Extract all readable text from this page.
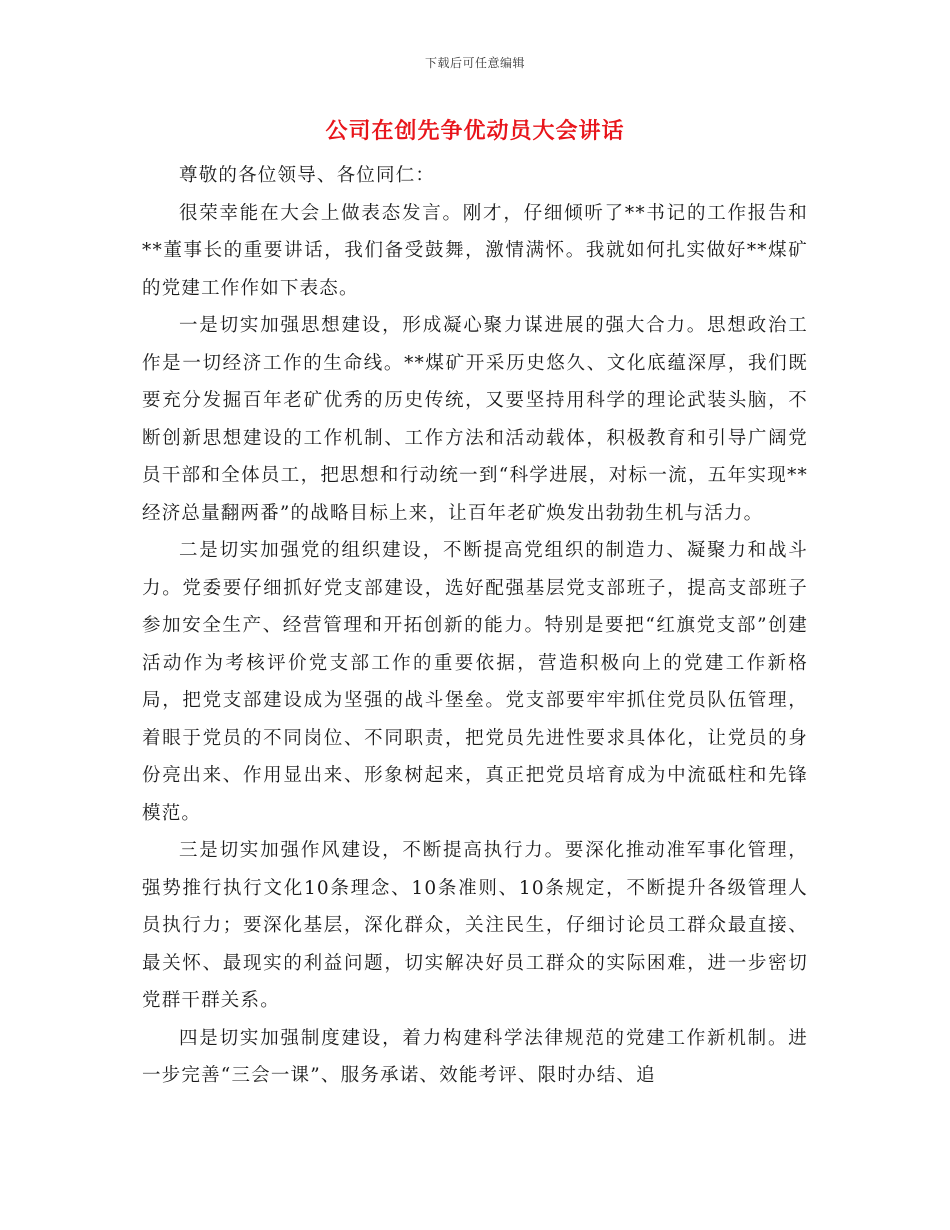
下载后可任意编辑
公司在创先争优动员大会讲话

尊敬的各位领导、各位同仁：

很荣幸能在大会上做表态发言。刚才，仔细倾听了**书记的工作报告和**董事长的重要讲话，我们备受鼓舞，激情满怀。我就如何扎实做好**煤矿的党建工作作如下表态。

一是切实加强思想建设，形成凝心聚力谋进展的强大合力。思想政治工作是一切经济工作的生命线。**煤矿开采历史悠久、文化底蕴深厚，我们既要充分发掘百年老矿优秀的历史传统，又要坚持用科学的理论武装头脑，不断创新思想建设的工作机制、工作方法和活动载体，积极教育和引导广阔党员干部和全体员工，把思想和行动统一到“科学进展，对标一流，五年实现**经济总量翻两番”的战略目标上来，让百年老矿焕发出勃勃生机与活力。

二是切实加强党的组织建设，不断提高党组织的制造力、凝聚力和战斗力。党委要仔细抓好党支部建设，选好配强基层党支部班子，提高支部班子参加安全生产、经营管理和开拓创新的能力。特别是要把“红旗党支部”创建活动作为考核评价党支部工作的重要依据，营造积极向上的党建工作新格局，把党支部建设成为坚强的战斗堡垒。党支部要牢牢抓住党员队伍管理，着眼于党员的不同岗位、不同职责，把党员先进性要求具体化，让党员的身份亮出来、作用显出来、形象树起来，真正把党员培育成为中流砥柱和先锋模范。

三是切实加强作风建设，不断提高执行力。要深化推动准军事化管理，强势推行执行文化10条理念、10条准则、10条规定，不断提升各级管理人员执行力；要深化基层，深化群众，关注民生，仔细讨论员工群众最直接、最关怀、最现实的利益问题，切实解决好员工群众的实际困难，进一步密切党群干群关系。

四是切实加强制度建设，着力构建科学法律规范的党建工作新机制。进一步完善“三会一课”、服务承诺、效能考评、限时办结、追
